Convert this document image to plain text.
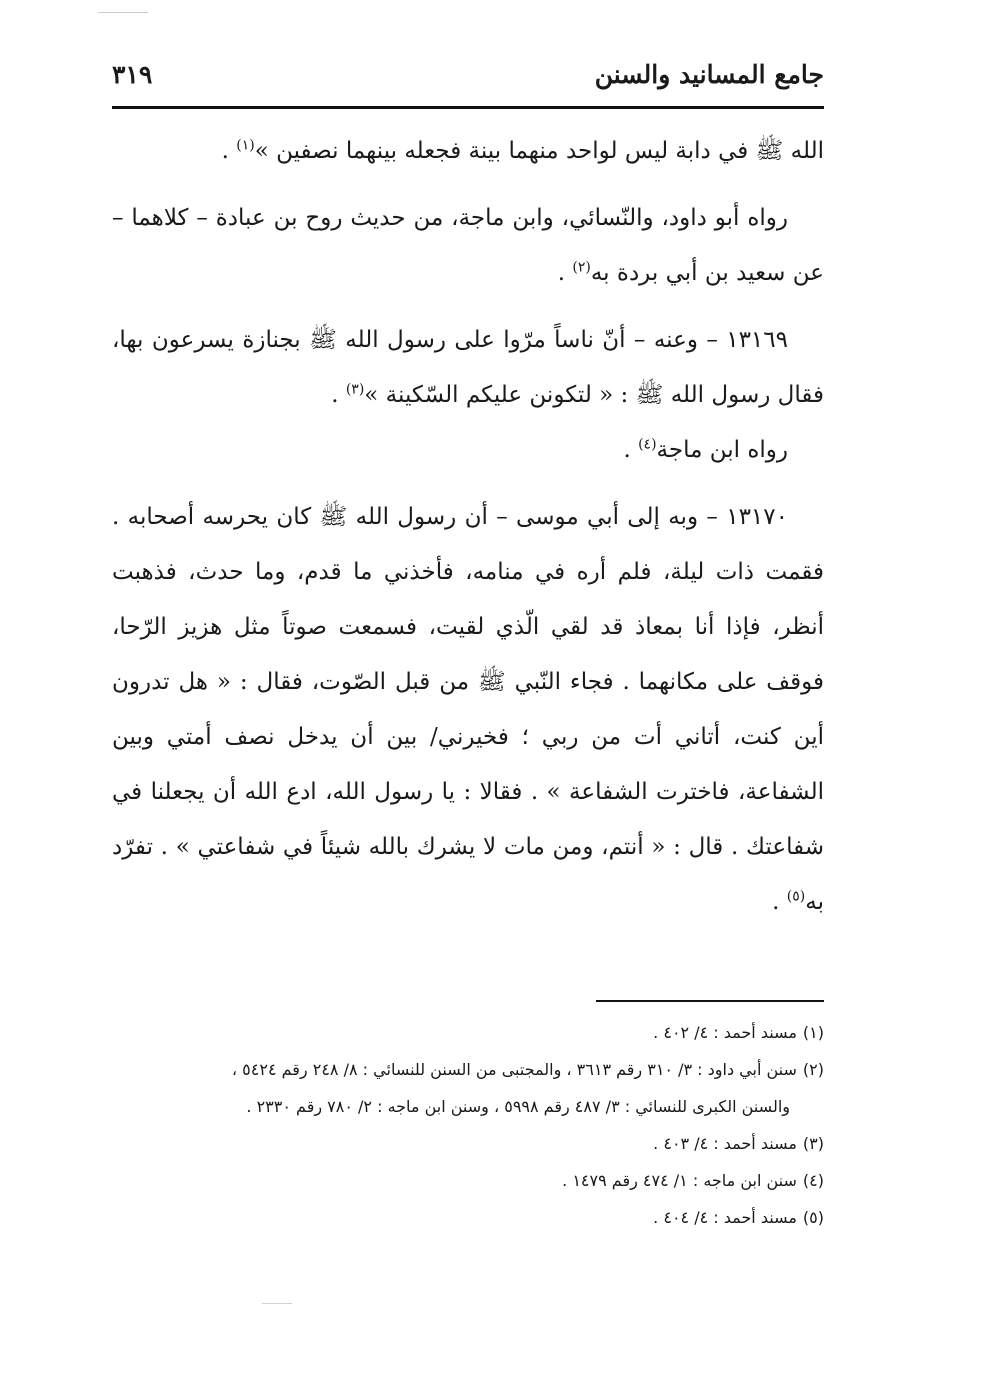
جامع المسانيد والسنن
٣١٩

الله ﷺ في دابة ليس لواحد منهما بينة فجعله بينهما نصفين »$^{(١)}$ .

رواه أبو داود، والنّسائي، وابن ماجة، من حديث روح بن عبادة – كلاهما – عن سعيد بن أبي بردة به$^{(٢)}$ .

١٣١٦٩ – وعنه – أنّ ناساً مرّوا على رسول الله ﷺ بجنازة يسرعون بها، فقال رسول الله ﷺ : « لتكونن عليكم السّكينة »$^{(٣)}$ .

رواه ابن ماجة$^{(٤)}$ .

١٣١٧٠ – وبه إلى أبي موسى – أن رسول الله ﷺ كان يحرسه أصحابه . فقمت ذات ليلة، فلم أره في منامه، فأخذني ما قدم، وما حدث، فذهبت أنظر، فإذا أنا بمعاذ قد لقي الّذي لقيت، فسمعت صوتاً مثل هزيز الرّحا، فوقف على مكانهما . فجاء النّبي ﷺ من قبل الصّوت، فقال : « هل تدرون أين كنت، أتاني أت من ربي ؛ فخيرني/ بين أن يدخل نصف أمتي وبين الشفاعة، فاخترت الشفاعة » . فقالا : يا رسول الله، ادع الله أن يجعلنا في شفاعتك . قال : « أنتم، ومن مات لا يشرك بالله شيئاً في شفاعتي » . تفرّد به$^{(٥)}$ .

(١)مسند أحمد : ٤/ ٤٠٢ .

(٢)سنن أبي داود : ٣/ ٣١٠ رقم ٣٦١٣ ، والمجتبى من السنن للنسائي : ٨/ ٢٤٨ رقم ٥٤٢٤ ،

والسنن الكبرى للنسائي : ٣/ ٤٨٧ رقم ٥٩٩٨ ، وسنن ابن ماجه : ٢/ ٧٨٠ رقم ٢٣٣٠ .

(٣)مسند أحمد : ٤/ ٤٠٣ .

(٤)سنن ابن ماجه : ١/ ٤٧٤ رقم ١٤٧٩ .

(٥)مسند أحمد : ٤/ ٤٠٤ .
